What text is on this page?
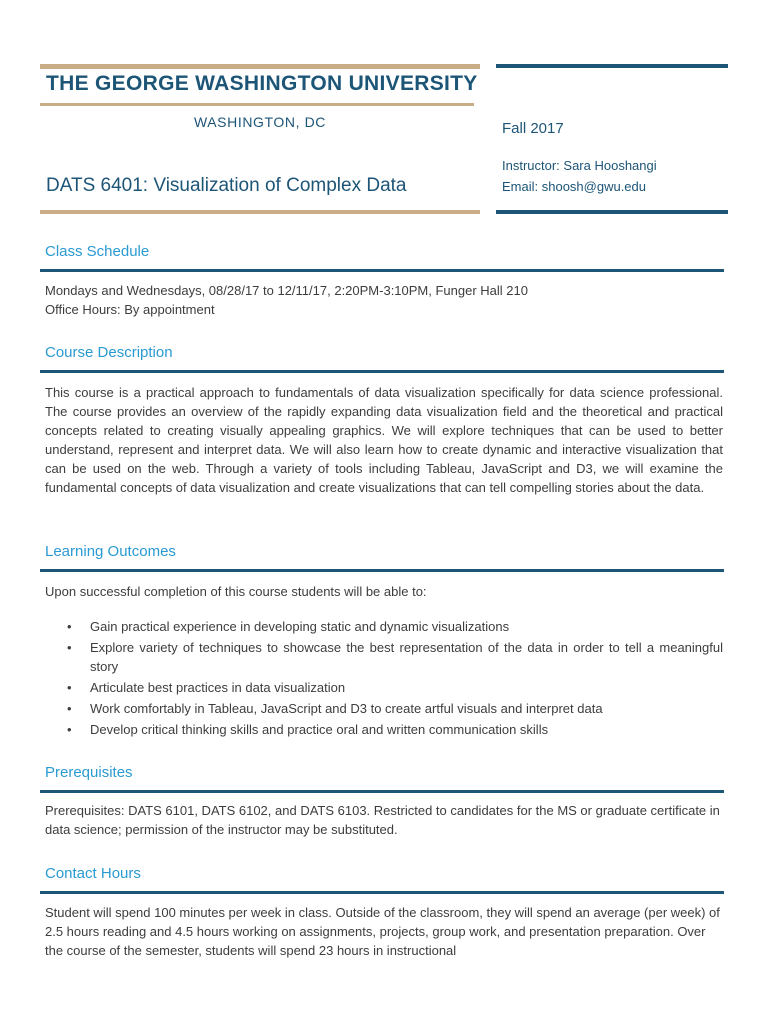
THE GEORGE WASHINGTON UNIVERSITY
WASHINGTON, DC
DATS 6401: Visualization of Complex Data
Fall 2017
Instructor: Sara Hooshangi
Email: shoosh@gwu.edu
Class Schedule
Mondays and Wednesdays, 08/28/17 to 12/11/17, 2:20PM-3:10PM, Funger Hall 210
Office Hours: By appointment
Course Description
This course is a practical approach to fundamentals of data visualization specifically for data science professional. The course provides an overview of the rapidly expanding data visualization field and the theoretical and practical concepts related to creating visually appealing graphics. We will explore techniques that can be used to better understand, represent and interpret data. We will also learn how to create dynamic and interactive visualization that can be used on the web. Through a variety of tools including Tableau, JavaScript and D3, we will examine the fundamental concepts of data visualization and create visualizations that can tell compelling stories about the data.
Learning Outcomes
Upon successful completion of this course students will be able to:
• Gain practical experience in developing static and dynamic visualizations
• Explore variety of techniques to showcase the best representation of the data in order to tell a meaningful story
• Articulate best practices in data visualization
• Work comfortably in Tableau, JavaScript and D3 to create artful visuals and interpret data
• Develop critical thinking skills and practice oral and written communication skills
Prerequisites
Prerequisites: DATS 6101, DATS 6102, and DATS 6103. Restricted to candidates for the MS or graduate certificate in data science; permission of the instructor may be substituted.
Contact Hours
Student will spend 100 minutes per week in class. Outside of the classroom, they will spend an average (per week) of 2.5 hours reading and 4.5 hours working on assignments, projects, group work, and presentation preparation. Over the course of the semester, students will spend 23 hours in instructional
